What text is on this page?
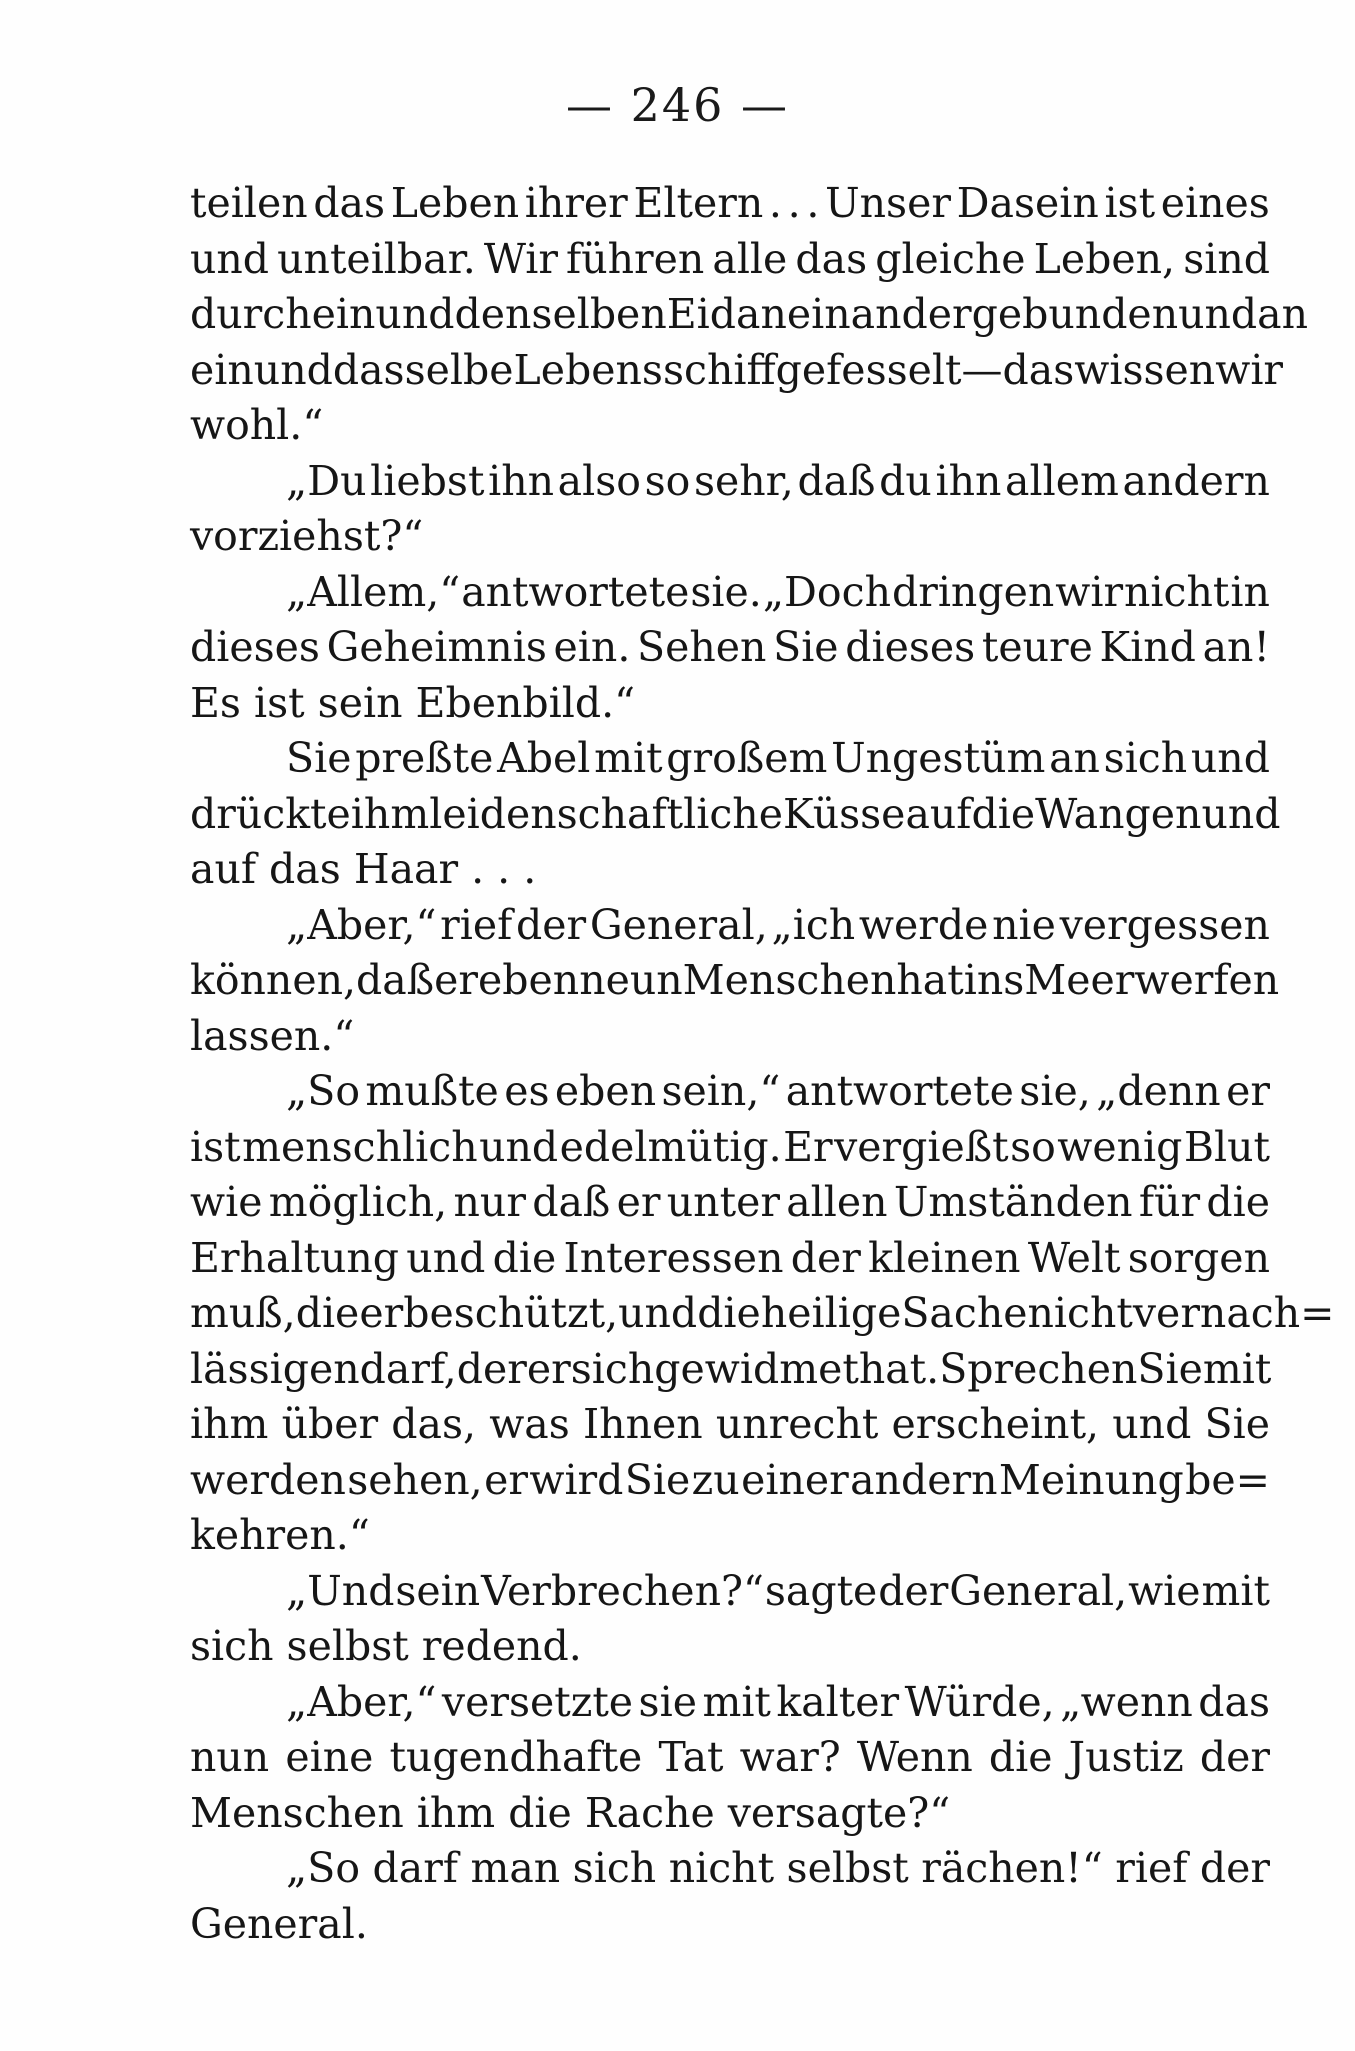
— 246 —
teilen das Leben ihrer Eltern . . . Unser Dasein ist eines
und unteilbar. Wir führen alle das gleiche Leben, sind
durch ein und denselben Eid aneinander gebunden und an
ein und dasselbe Lebensschiff gefesselt — das wissen wir
wohl.“
„Du liebst ihn also so sehr, daß du ihn allem andern
vorziehst?“
„Allem,“ antwortete sie. „Doch dringen wir nicht in
dieses Geheimnis ein. Sehen Sie dieses teure Kind an!
Es ist sein Ebenbild.“
Sie preßte Abel mit großem Ungestüm an sich und
drückte ihm leidenschaftliche Küsse auf die Wangen und
auf das Haar . . .
„Aber,“ rief der General, „ich werde nie vergessen
können, daß er eben neun Menschen hat ins Meer werfen
lassen.“
„So mußte es eben sein,“ antwortete sie, „denn er
ist menschlich und edelmütig. Er vergießt so wenig Blut
wie möglich, nur daß er unter allen Umständen für die
Erhaltung und die Interessen der kleinen Welt sorgen
muß, die er beschützt, und die heilige Sache nicht vernach=
lässigen darf, der er sich gewidmet hat. Sprechen Sie mit
ihm über das, was Ihnen unrecht erscheint, und Sie
werden sehen, er wird Sie zu einer andern Meinung be=
kehren.“
„Und sein Verbrechen?“ sagte der General, wie mit
sich selbst redend.
„Aber,“ versetzte sie mit kalter Würde, „wenn das
nun eine tugendhafte Tat war? Wenn die Justiz der
Menschen ihm die Rache versagte?“
„So darf man sich nicht selbst rächen!“ rief der
General.
